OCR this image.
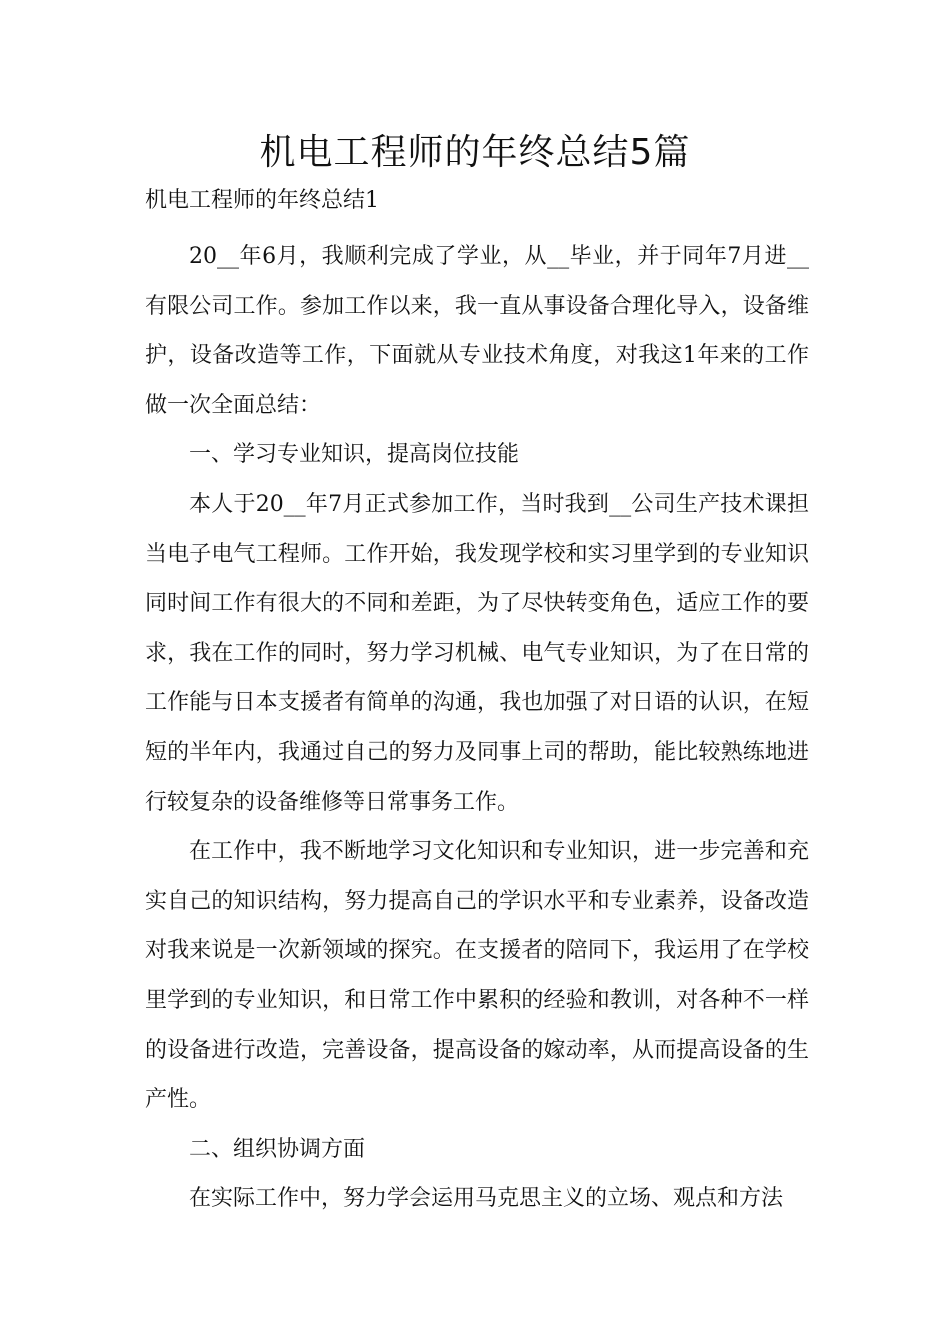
机电工程师的年终总结5篇

机电工程师的年终总结1

20__年6月，我顺利完成了学业，从__毕业，并于同年7月进__有限公司工作。参加工作以来，我一直从事设备合理化导入，设备维护，设备改造等工作，下面就从专业技术角度，对我这1年来的工作做一次全面总结：

一、学习专业知识，提高岗位技能

本人于20__年7月正式参加工作，当时我到__公司生产技术课担当电子电气工程师。工作开始，我发现学校和实习里学到的专业知识同时间工作有很大的不同和差距，为了尽快转变角色，适应工作的要求，我在工作的同时，努力学习机械、电气专业知识，为了在日常的工作能与日本支援者有简单的沟通，我也加强了对日语的认识，在短短的半年内，我通过自己的努力及同事上司的帮助，能比较熟练地进行较复杂的设备维修等日常事务工作。

在工作中，我不断地学习文化知识和专业知识，进一步完善和充实自己的知识结构，努力提高自己的学识水平和专业素养，设备改造对我来说是一次新领域的探究。在支援者的陪同下，我运用了在学校里学到的专业知识，和日常工作中累积的经验和教训，对各种不一样的设备进行改造，完善设备，提高设备的嫁动率，从而提高设备的生产性。

二、组织协调方面

在实际工作中，努力学会运用马克思主义的立场、观点和方法
